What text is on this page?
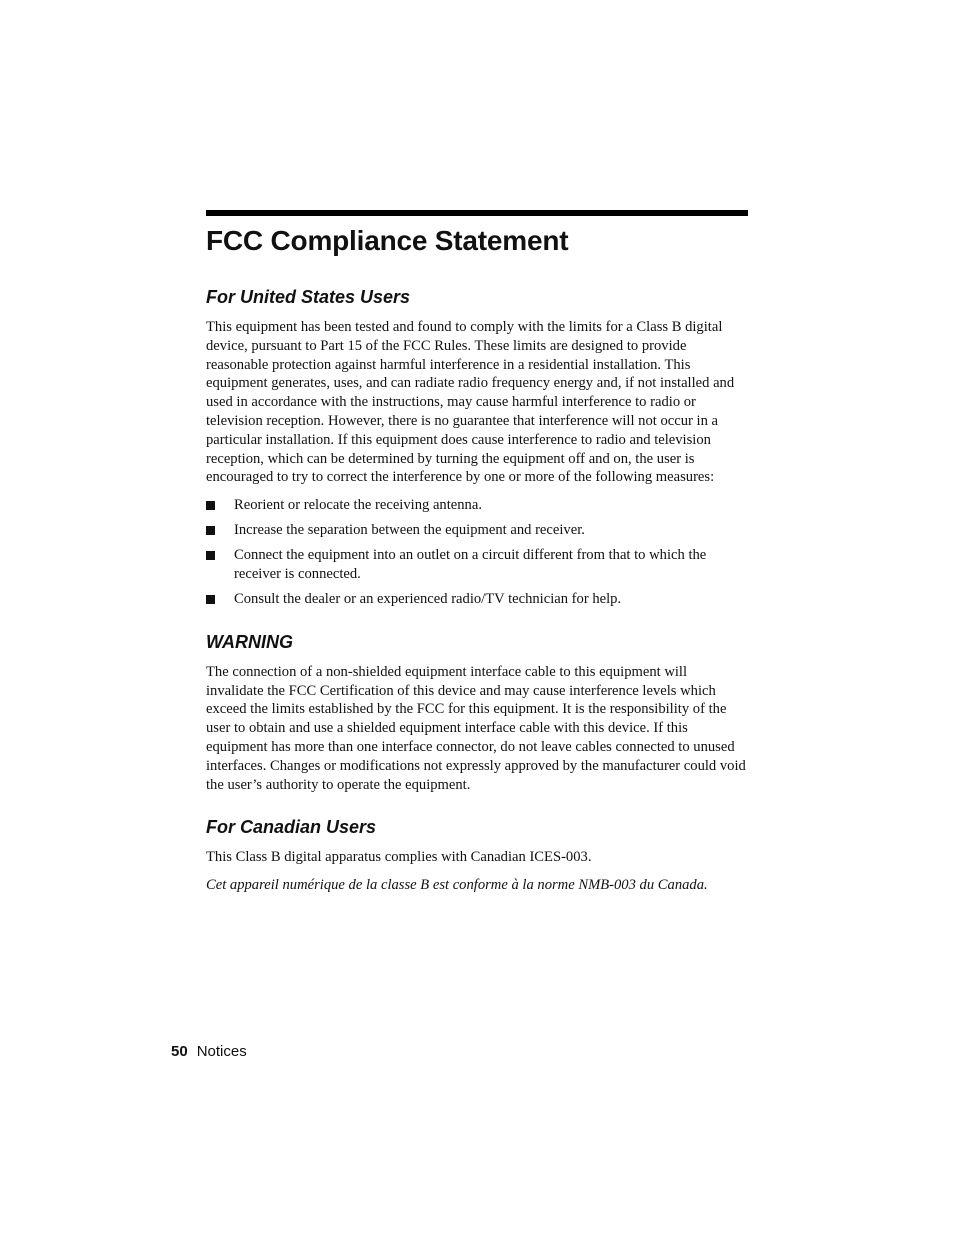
FCC Compliance Statement
For United States Users

This equipment has been tested and found to comply with the limits for a Class B digital device, pursuant to Part 15 of the FCC Rules. These limits are designed to provide reasonable protection against harmful interference in a residential installation. This equipment generates, uses, and can radiate radio frequency energy and, if not installed and used in accordance with the instructions, may cause harmful interference to radio or television reception. However, there is no guarantee that interference will not occur in a particular installation. If this equipment does cause interference to radio and television reception, which can be determined by turning the equipment off and on, the user is encouraged to try to correct the interference by one or more of the following measures:

Reorient or relocate the receiving antenna.
Increase the separation between the equipment and receiver.
Connect the equipment into an outlet on a circuit different from that to which the receiver is connected.
Consult the dealer or an experienced radio/TV technician for help.
WARNING

The connection of a non-shielded equipment interface cable to this equipment will invalidate the FCC Certification of this device and may cause interference levels which exceed the limits established by the FCC for this equipment. It is the responsibility of the user to obtain and use a shielded equipment interface cable with this device. If this equipment has more than one interface connector, do not leave cables connected to unused interfaces. Changes or modifications not expressly approved by the manufacturer could void the user’s authority to operate the equipment.

For Canadian Users

This Class B digital apparatus complies with Canadian ICES-003.

Cet appareil numérique de la classe B est conforme à la norme NMB-003 du Canada.

50 Notices
